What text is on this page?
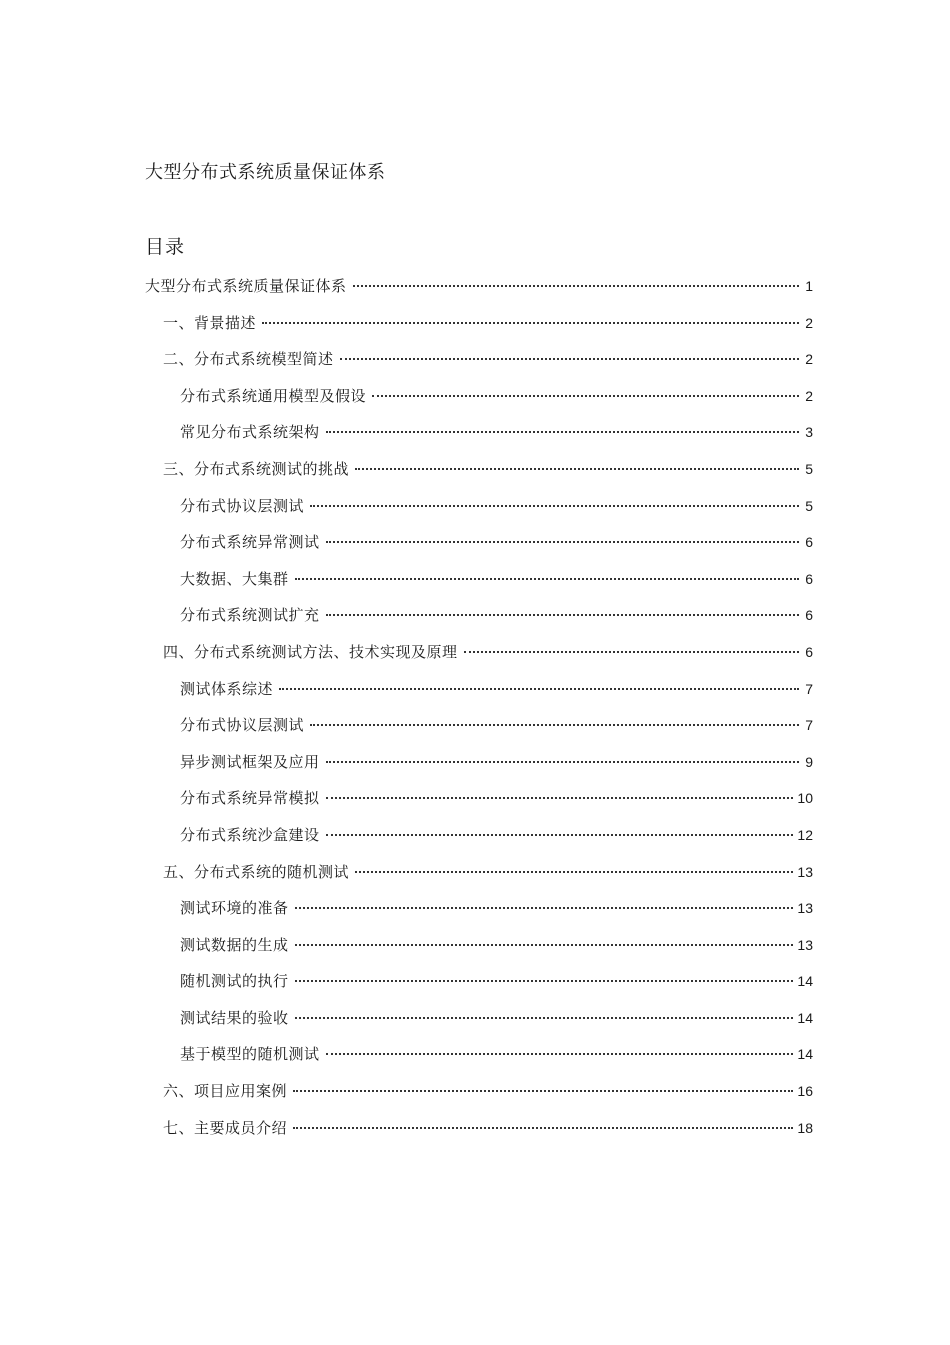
大型分布式系统质量保证体系
目录
大型分布式系统质量保证体系	1
一、背景描述	2
二、分布式系统模型简述	2
分布式系统通用模型及假设	2
常见分布式系统架构	3
三、分布式系统测试的挑战	5
分布式协议层测试	5
分布式系统异常测试	6
大数据、大集群	6
分布式系统测试扩充	6
四、分布式系统测试方法、技术实现及原理	6
测试体系综述	7
分布式协议层测试	7
异步测试框架及应用	9
分布式系统异常模拟	10
分布式系统沙盒建设	12
五、分布式系统的随机测试	13
测试环境的准备	13
测试数据的生成	13
随机测试的执行	14
测试结果的验收	14
基于模型的随机测试	14
六、项目应用案例	16
七、主要成员介绍	18
